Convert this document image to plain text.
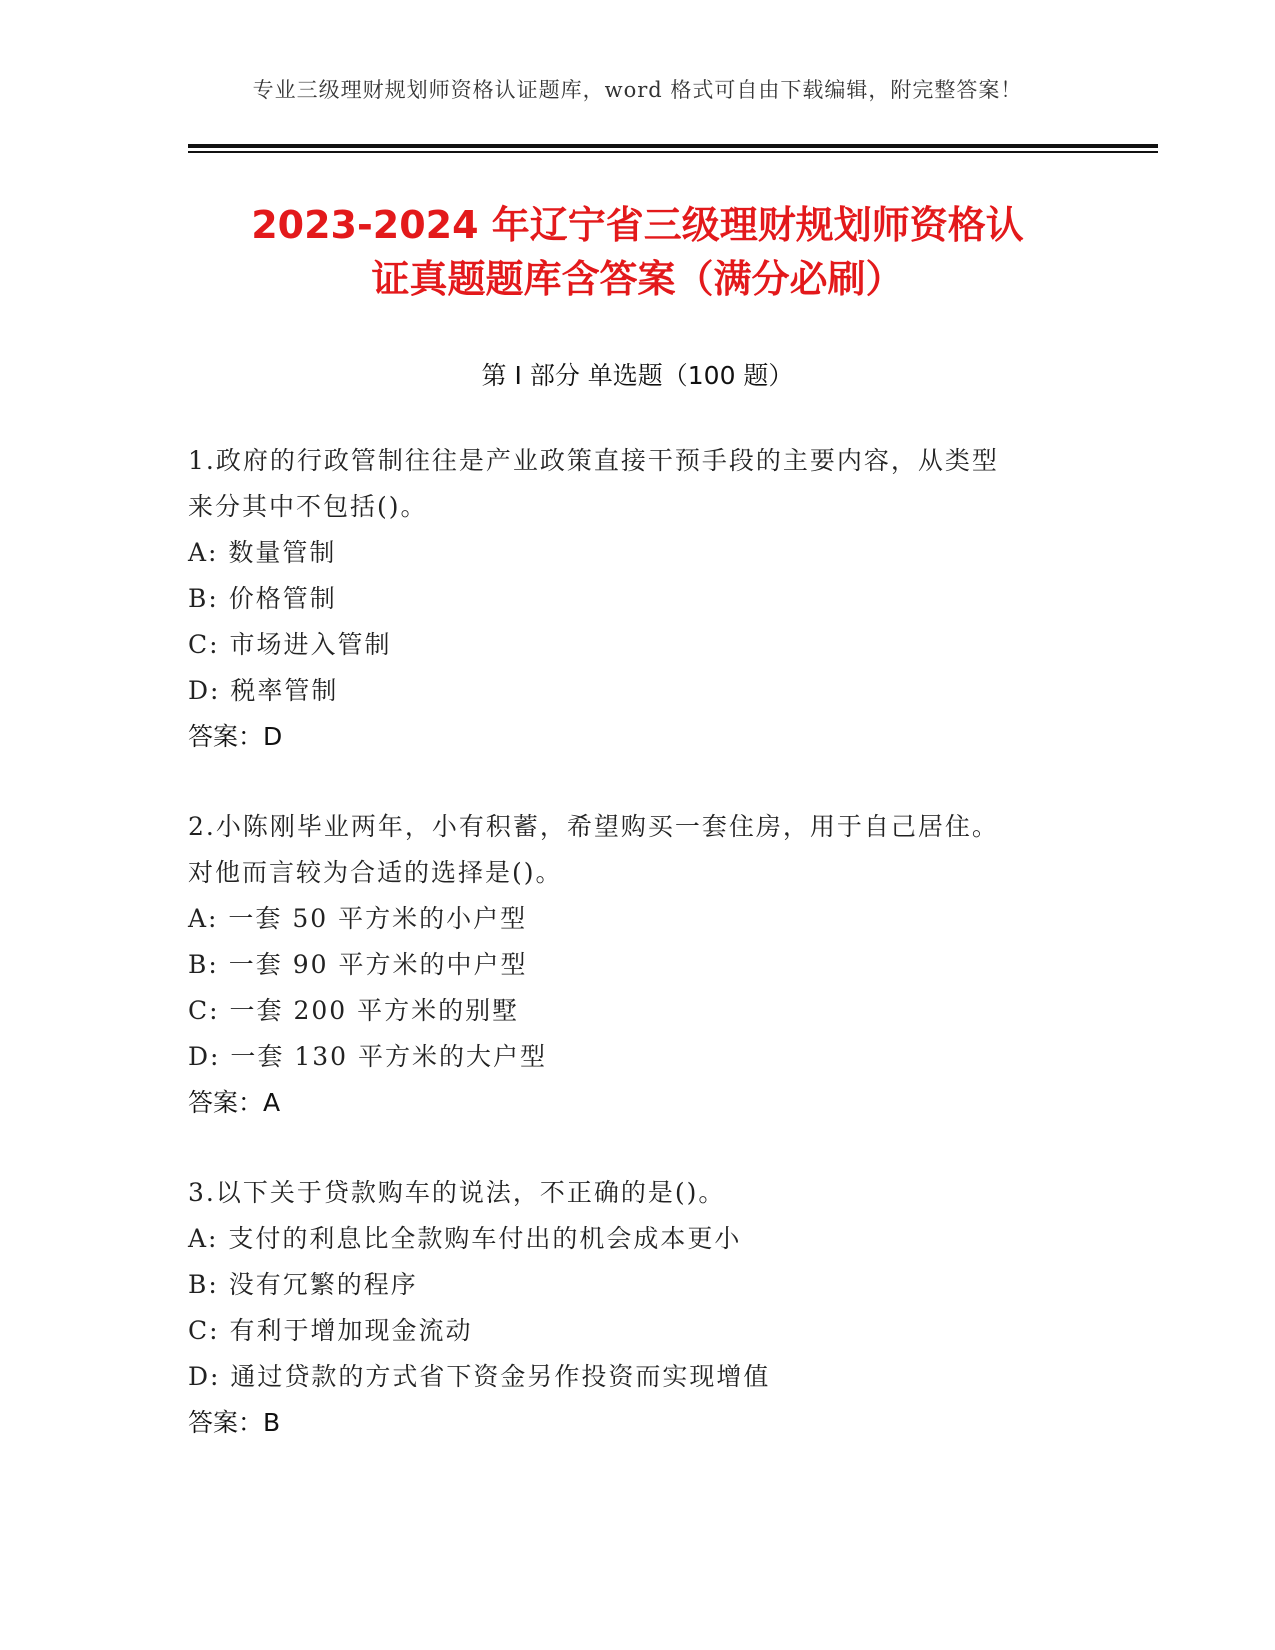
专业三级理财规划师资格认证题库，word 格式可自由下载编辑，附完整答案！
2023-2024 年辽宁省三级理财规划师资格认
证真题题库含答案（满分必刷）
第 I 部分 单选题（100 题）
1.政府的行政管制往往是产业政策直接干预手段的主要内容，从类型
来分其中不包括()。
A: 数量管制
B: 价格管制
C: 市场进入管制
D: 税率管制
答案：D
2.小陈刚毕业两年，小有积蓄，希望购买一套住房，用于自己居住。
对他而言较为合适的选择是()。
A: 一套 50 平方米的小户型
B: 一套 90 平方米的中户型
C: 一套 200 平方米的别墅
D: 一套 130 平方米的大户型
答案：A
3.以下关于贷款购车的说法，不正确的是()。
A: 支付的利息比全款购车付出的机会成本更小
B: 没有冗繁的程序
C: 有利于增加现金流动
D: 通过贷款的方式省下资金另作投资而实现增值
答案：B
